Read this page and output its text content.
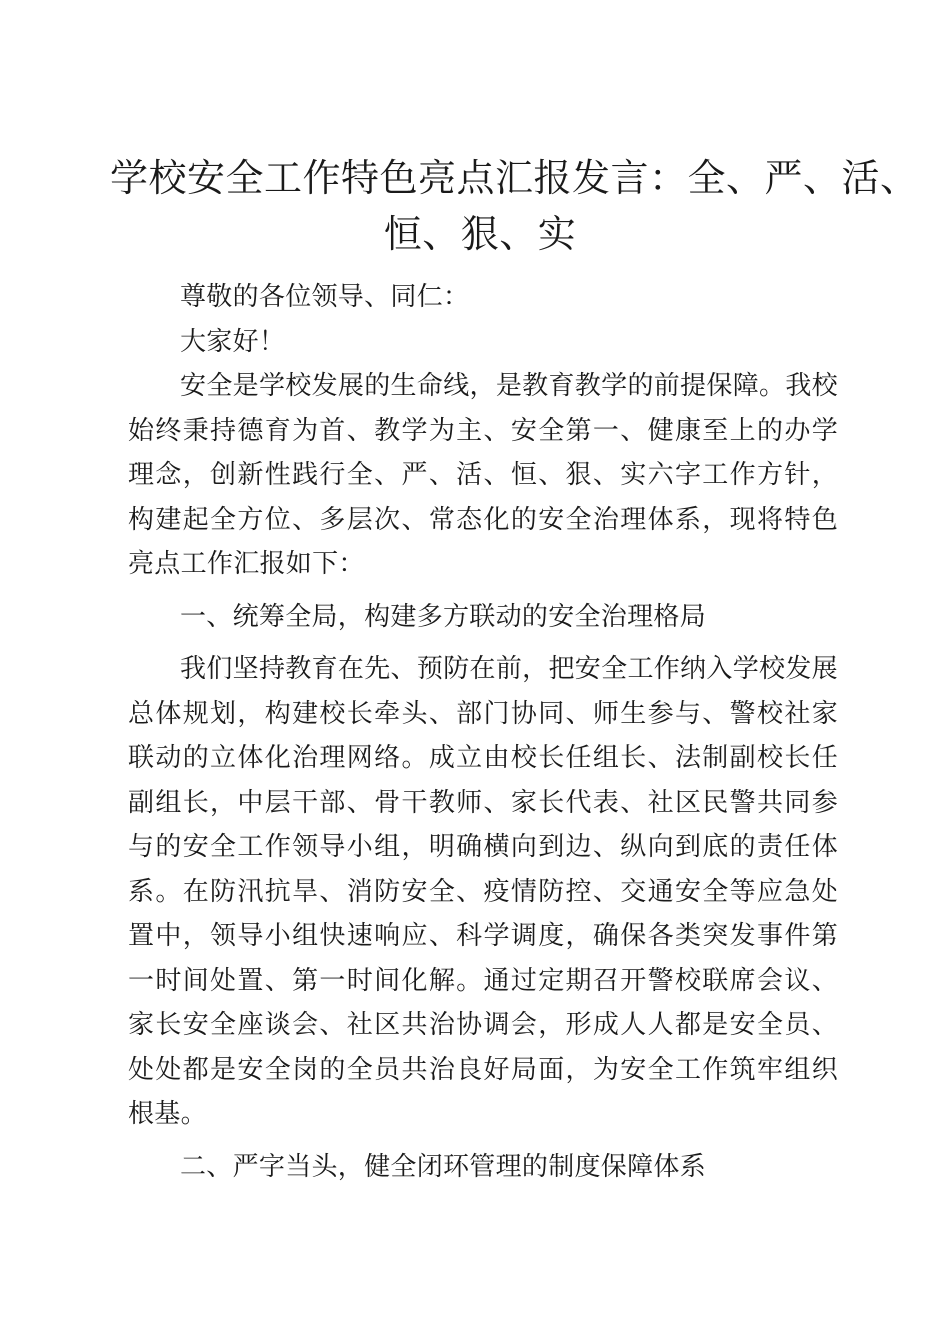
学校安全工作特色亮点汇报发言：全、严、活、
恒、狠、实

尊敬的各位领导、同仁：

大家好！

安全是学校发展的生命线，是教育教学的前提保障。我校始终秉持德育为首、教学为主、安全第一、健康至上的办学理念，创新性践行全、严、活、恒、狠、实六字工作方针，构建起全方位、多层次、常态化的安全治理体系，现将特色亮点工作汇报如下：

一、统筹全局，构建多方联动的安全治理格局

我们坚持教育在先、预防在前，把安全工作纳入学校发展总体规划，构建校长牵头、部门协同、师生参与、警校社家联动的立体化治理网络。成立由校长任组长、法制副校长任副组长，中层干部、骨干教师、家长代表、社区民警共同参与的安全工作领导小组，明确横向到边、纵向到底的责任体系。在防汛抗旱、消防安全、疫情防控、交通安全等应急处置中，领导小组快速响应、科学调度，确保各类突发事件第一时间处置、第一时间化解。通过定期召开警校联席会议、家长安全座谈会、社区共治协调会，形成人人都是安全员、处处都是安全岗的全员共治良好局面，为安全工作筑牢组织根基。

二、严字当头，健全闭环管理的制度保障体系
